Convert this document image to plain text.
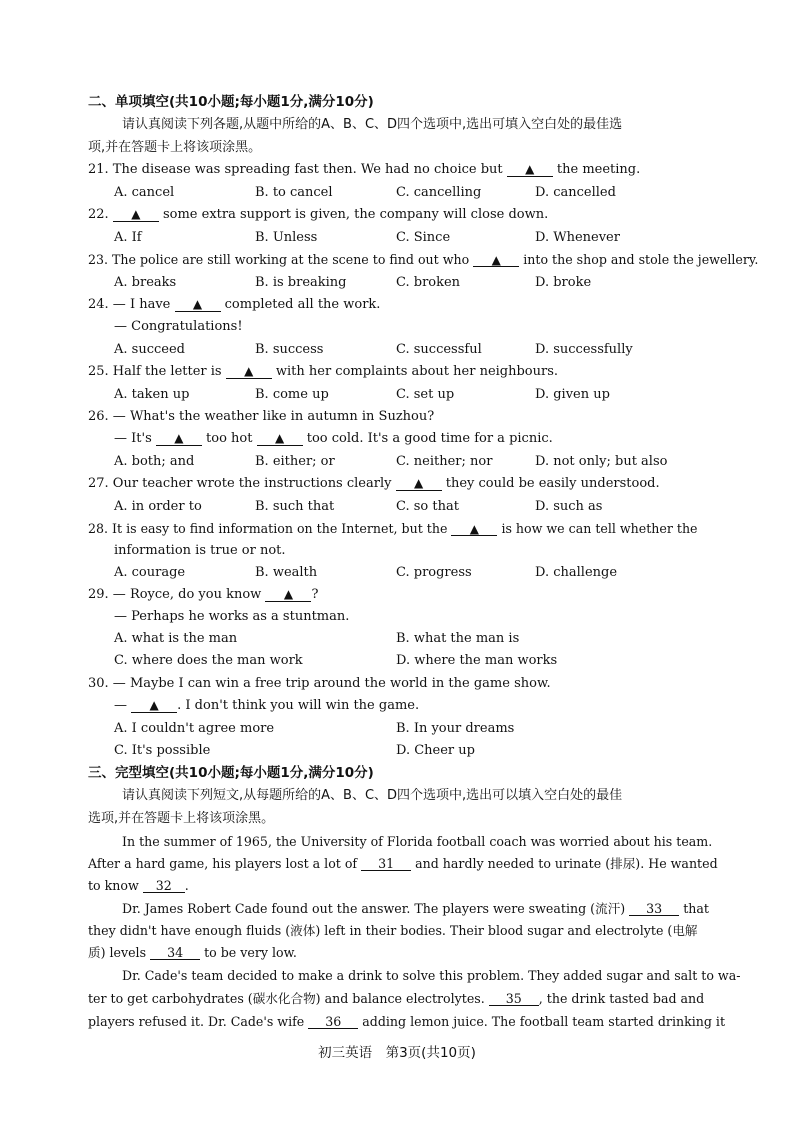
二、单项填空(共10小题;每小题1分,满分10分)
请认真阅读下列各题,从题中所给的A、B、C、D四个选项中,选出可填入空白处的最佳选
项,并在答题卡上将该项涂黑。
21. The disease was spreading fast then. We had no choice but ▲	the meeting.
A. cancel	B. to cancel	C. cancelling	D. cancelled
22. ▲	some extra support is given, the company will close down.
A. If	B. Unless	C. Since	D. Whenever
23. The police are still working at the scene to find out who ▲	into the shop and stole the jewellery.
A. breaks	B. is breaking	C. broken	D. broke
24. — I have ▲	completed all the work.
— Congratulations!
A. succeed	B. success	C. successful	D. successfully
25. Half the letter is ▲	with her complaints about her neighbours.
A. taken up	B. come up	C. set up	D. given up
26. — What's the weather like in autumn in Suzhou?
— It's ▲	too hot ▲	too cold. It's a good time for a picnic.
A. both; and	B. either; or	C. neither; nor	D. not only; but also
27. Our teacher wrote the instructions clearly ▲	they could be easily understood.
A. in order to	B. such that	C. so that	D. such as
28. It is easy to find information on the Internet, but the ▲	is how we can tell whether the
information is true or not.
A. courage	B. wealth	C. progress	D. challenge
29. — Royce, do you know ▲	?
— Perhaps he works as a stuntman.
A. what is the man	B. what the man is
C. where does the man work	D. where the man works
30. — Maybe I can win a free trip around the world in the game show.
— ▲	. I don't think you will win the game.
A. I couldn't agree more	B. In your dreams
C. It's possible	D. Cheer up
三、完型填空(共10小题;每小题1分,满分10分)
请认真阅读下列短文,从每题所给的A、B、C、D四个选项中,选出可以填入空白处的最佳
选项,并在答题卡上将该项涂黑。
In the summer of 1965, the University of Florida football coach was worried about his team.
After a hard game, his players lost a lot of 31 and hardly needed to urinate (排尿). He wanted
to know 32 .
Dr. James Robert Cade found out the answer. The players were sweating (流汗) 33 that
they didn't have enough fluids (液体) left in their bodies. Their blood sugar and electrolyte (电解
质) levels 34 to be very low.
Dr. Cade's team decided to make a drink to solve this problem. They added sugar and salt to wa-
ter to get carbohydrates (碳水化合物) and balance electrolytes. 35 , the drink tasted bad and
players refused it. Dr. Cade's wife 36 adding lemon juice. The football team started drinking it
初三英语　第3页(共10页)
